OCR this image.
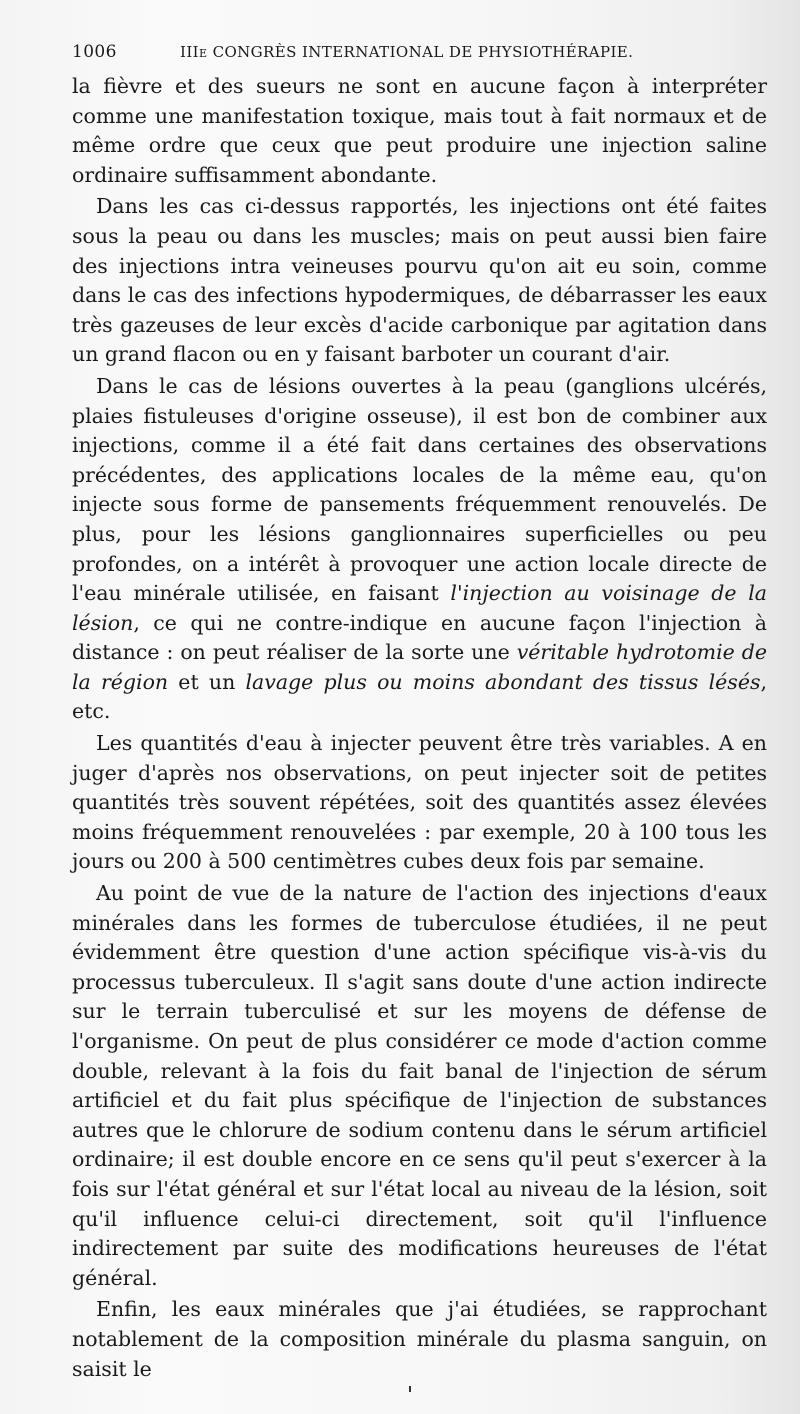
1006	IIIe CONGRÈS INTERNATIONAL DE PHYSIOTHÉRAPIE.

la fièvre et des sueurs ne sont en aucune façon à interpréter comme une manifestation toxique, mais tout à fait normaux et de même ordre que ceux que peut produire une injection saline ordinaire suffisamment abondante.

Dans les cas ci-dessus rapportés, les injections ont été faites sous la peau ou dans les muscles; mais on peut aussi bien faire des injections intra veineuses pourvu qu'on ait eu soin, comme dans le cas des infections hypodermiques, de débarrasser les eaux très gazeuses de leur excès d'acide carbonique par agitation dans un grand flacon ou en y faisant barboter un courant d'air.

Dans le cas de lésions ouvertes à la peau (ganglions ulcérés, plaies fistuleuses d'origine osseuse), il est bon de combiner aux injections, comme il a été fait dans certaines des observations précédentes, des applications locales de la même eau, qu'on injecte sous forme de pansements fréquemment renouvelés. De plus, pour les lésions ganglionnaires superficielles ou peu profondes, on a intérêt à provoquer une action locale directe de l'eau minérale utilisée, en faisant l'injection au voisinage de la lésion, ce qui ne contre-indique en aucune façon l'injection à distance : on peut réaliser de la sorte une véritable hydrotomie de la région et un lavage plus ou moins abondant des tissus lésés, etc.

Les quantités d'eau à injecter peuvent être très variables. A en juger d'après nos observations, on peut injecter soit de petites quantités très souvent répétées, soit des quantités assez élevées moins fréquemment renouvelées : par exemple, 20 à 100 tous les jours ou 200 à 500 centimètres cubes deux fois par semaine.

Au point de vue de la nature de l'action des injections d'eaux minérales dans les formes de tuberculose étudiées, il ne peut évidemment être question d'une action spécifique vis-à-vis du processus tuberculeux. Il s'agit sans doute d'une action indirecte sur le terrain tuberculisé et sur les moyens de défense de l'organisme. On peut de plus considérer ce mode d'action comme double, relevant à la fois du fait banal de l'injection de sérum artificiel et du fait plus spécifique de l'injection de substances autres que le chlorure de sodium contenu dans le sérum artificiel ordinaire; il est double encore en ce sens qu'il peut s'exercer à la fois sur l'état général et sur l'état local au niveau de la lésion, soit qu'il influence celui-ci directement, soit qu'il l'influence indirectement par suite des modifications heureuses de l'état général.

Enfin, les eaux minérales que j'ai étudiées, se rapprochant notablement de la composition minérale du plasma sanguin, on saisit le
